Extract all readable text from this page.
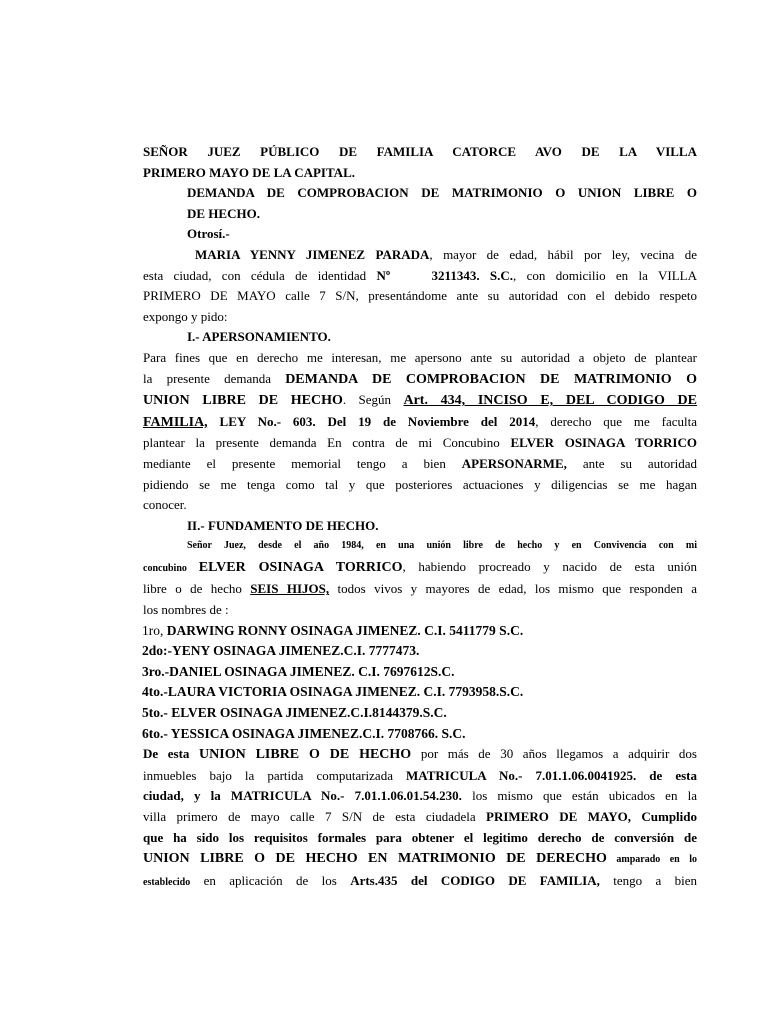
SEÑOR JUEZ PÚBLICO DE FAMILIA CATORCE AVO DE LA VILLA
PRIMERO MAYO DE LA CAPITAL.
DEMANDA DE COMPROBACION DE MATRIMONIO O UNION LIBRE O
DE HECHO.
Otrosí.-
MARIA YENNY JIMENEZ PARADA, mayor de edad, hábil por ley, vecina de
esta ciudad, con cédula de identidad Nº	3211343. S.C., con domicilio en la VILLA
PRIMERO DE MAYO calle 7 S/N, presentándome ante su autoridad con el debido respeto
expongo y pido:
I.- APERSONAMIENTO.
Para fines que en derecho me interesan, me apersono ante su autoridad a objeto de plantear
la presente demanda DEMANDA DE COMPROBACION DE MATRIMONIO O
UNION LIBRE DE HECHO. Según Art. 434, INCISO E, DEL CODIGO DE
FAMILIA, LEY No.- 603. Del 19 de Noviembre del 2014, derecho que me faculta
plantear la presente demanda En contra de mi Concubino ELVER OSINAGA TORRICO
mediante el presente memorial tengo a bien APERSONARME, ante su autoridad
pidiendo se me tenga como tal y que posteriores actuaciones y diligencias se me hagan
conocer.
II.- FUNDAMENTO DE HECHO.
Señor Juez, desde el año 1984, en una unión libre de hecho y en Convivencia con mi
concubino ELVER OSINAGA TORRICO, habiendo procreado y nacido de esta unión
libre o de hecho SEIS HIJOS, todos vivos y mayores de edad, los mismo que responden a
los nombres de :
1ro, DARWING RONNY OSINAGA JIMENEZ. C.I. 5411779 S.C.
2do:-YENY OSINAGA JIMENEZ.C.I. 7777473.
3ro.-DANIEL OSINAGA JIMENEZ. C.I. 7697612S.C.
4to.-LAURA VICTORIA OSINAGA JIMENEZ. C.I. 7793958.S.C.
5to.- ELVER OSINAGA JIMENEZ.C.I.8144379.S.C.
6to.- YESSICA OSINAGA JIMENEZ.C.I. 7708766. S.C.
De esta UNION LIBRE O DE HECHO por más de 30 años llegamos a adquirir dos
inmuebles bajo la partida computarizada MATRICULA No.- 7.01.1.06.0041925. de esta
ciudad, y la MATRICULA No.- 7.01.1.06.01.54.230. los mismo que están ubicados en la
villa primero de mayo calle 7 S/N de esta ciudadela PRIMERO DE MAYO, Cumplido
que ha sido los requisitos formales para obtener el legitimo derecho de conversión de
UNION LIBRE O DE HECHO EN MATRIMONIO DE DERECHO amparado en lo
establecido en aplicación de los Arts.435 del CODIGO DE FAMILIA, tengo a bien
